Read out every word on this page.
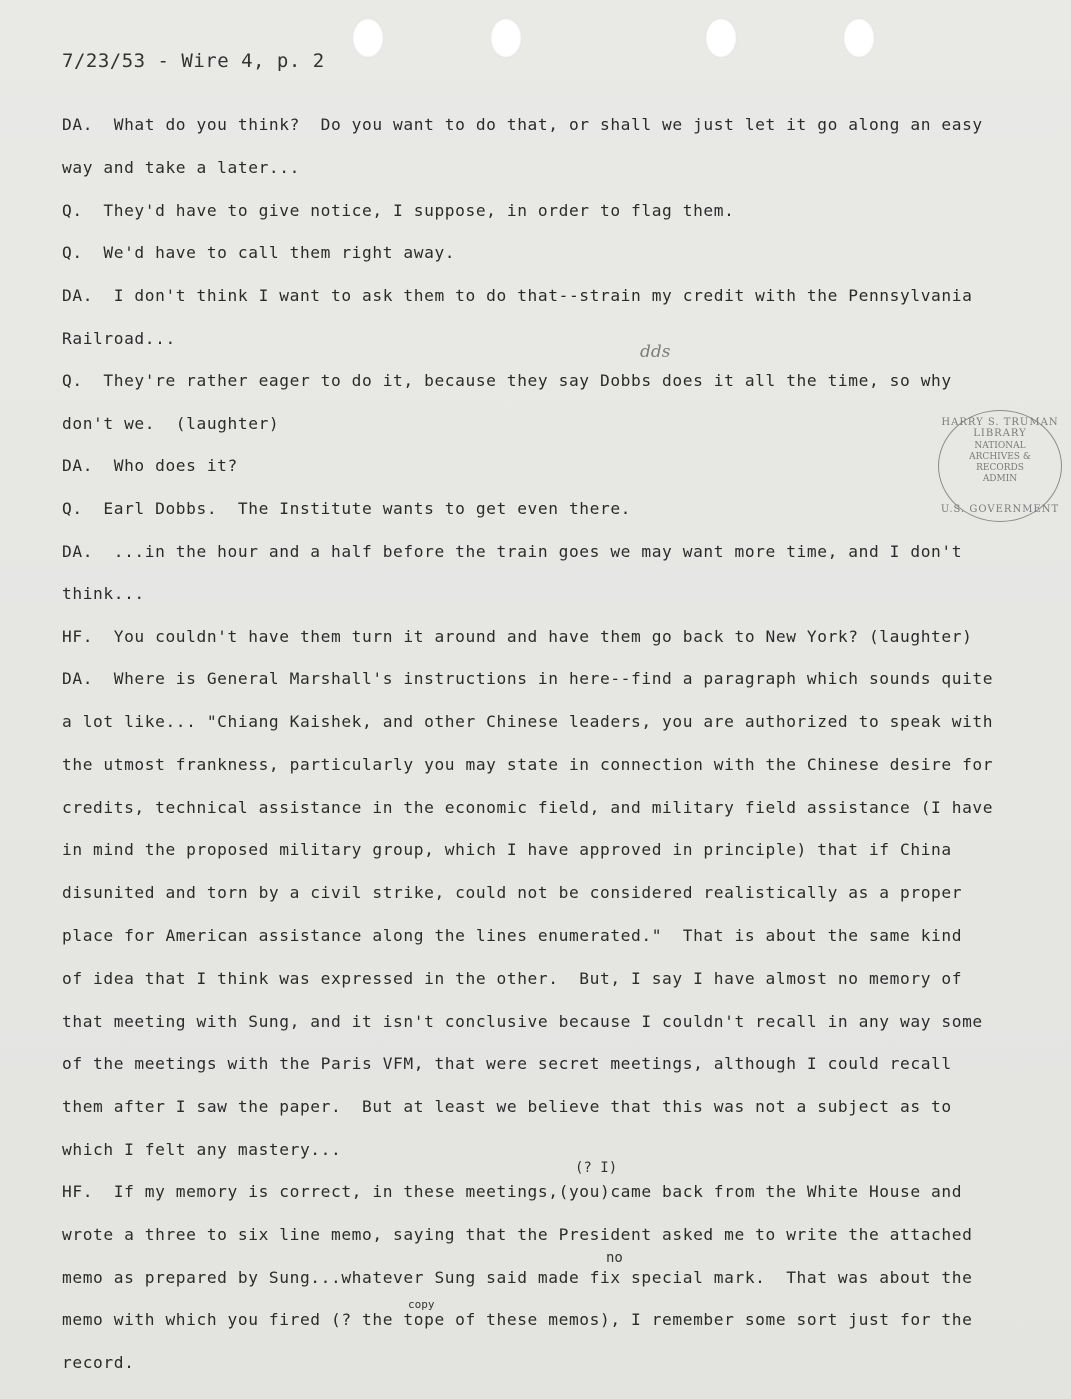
7/23/53 - Wire 4, p. 2
dds
HARRY S. TRUMAN LIBRARY
NATIONAL
ARCHIVES &
RECORDS
ADMIN
U.S. GOVERNMENT
DA.  What do you think?  Do you want to do that, or shall we just let it go along an easy
way and take a later...
Q.  They'd have to give notice, I suppose, in order to flag them.
Q.  We'd have to call them right away.
DA.  I don't think I want to ask them to do that--strain my credit with the Pennsylvania
Railroad...
Q.  They're rather eager to do it, because they say Dobbs does it all the time, so why
don't we.  (laughter)
DA.  Who does it?
Q.  Earl Dobbs.  The Institute wants to get even there.
DA.  ...in the hour and a half before the train goes we may want more time, and I don't
think...
HF.  You couldn't have them turn it around and have them go back to New York? (laughter)
DA.  Where is General Marshall's instructions in here--find a paragraph which sounds quite
a lot like... "Chiang Kaishek, and other Chinese leaders, you are authorized to speak with
the utmost frankness, particularly you may state in connection with the Chinese desire for
credits, technical assistance in the economic field, and military field assistance (I have
in mind the proposed military group, which I have approved in principle) that if China
disunited and torn by a civil strike, could not be considered realistically as a proper
place for American assistance along the lines enumerated."  That is about the same kind
of idea that I think was expressed in the other.  But, I say I have almost no memory of
that meeting with Sung, and it isn't conclusive because I couldn't recall in any way some
of the meetings with the Paris VFM, that were secret meetings, although I could recall
them after I saw the paper.  But at least we believe that this was not a subject as to
which I felt any mastery...
(? I)
HF.  If my memory is correct, in these meetings,(you)came back from the White House and
wrote a three to six line memo, saying that the President asked me to write the attached
no
memo as prepared by Sung...whatever Sung said made fix special mark.  That was about the
copy
memo with which you fired (? the tope of these memos), I remember some sort just for the
record.
